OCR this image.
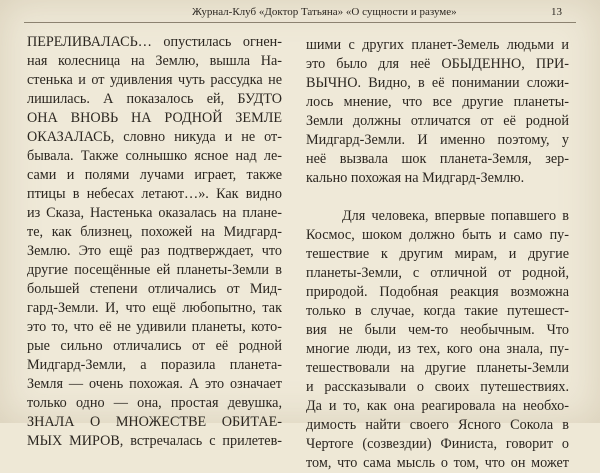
Журнал-Клуб «Доктор Татьяна» «О сущности и разуме»	13
ПЕРЕЛИВАЛАСЬ… опустилась огнен-
ная колесница на Землю, вышла На-
стенька и от удивления чуть рассудка не
лишилась. А показалось ей, БУДТО
ОНА ВНОВЬ НА РОДНОЙ ЗЕМЛЕ
ОКАЗАЛАСЬ, словно никуда и не от-
бывала. Также солнышко ясное над ле-
сами и полями лучами играет, также
птицы в небесах летают…». Как видно
из Сказа, Настенька оказалась на плане-
те, как близнец, похожей на Мидгард-
Землю. Это ещё раз подтверждает, что
другие посещённые ей планеты-Земли в
большей степени отличались от Мид-
гард-Земли. И, что ещё любопытно, так
это то, что её не удивили планеты, кото-
рые сильно отличались от её родной
Мидгард-Земли, а поразила планета-
Земля — очень похожая. А это означает
только одно — она, простая девушка,
ЗНАЛА О МНОЖЕСТВЕ ОБИТАЕ-
МЫХ МИРОВ, встречалась с прилетев-
шими с других планет-Земель людьми и
это было для неё ОБЫДЕННО, ПРИ-
ВЫЧНО. Видно, в её понимании сложи-
лось мнение, что все другие планеты-
Земли должны отличатся от её родной
Мидгард-Земли. И именно поэтому, у
неё вызвала шок планета-Земля, зер-
кально похожая на Мидгард-Землю.
Для человека, впервые попавшего в
Космос, шоком должно быть и само пу-
тешествие к другим мирам, и другие
планеты-Земли, с отличной от родной,
природой. Подобная реакция возможна
только в случае, когда такие путешест-
вия не были чем-то необычным. Что
многие люди, из тех, кого она знала, пу-
тешествовали на другие планеты-Земли
и рассказывали о своих путешествиях.
Да и то, как она реагировала на необхо-
димость найти своего Ясного Сокола в
Чертоге (созвездии) Финиста, говорит о
том, что сама мысль о том, что он может
